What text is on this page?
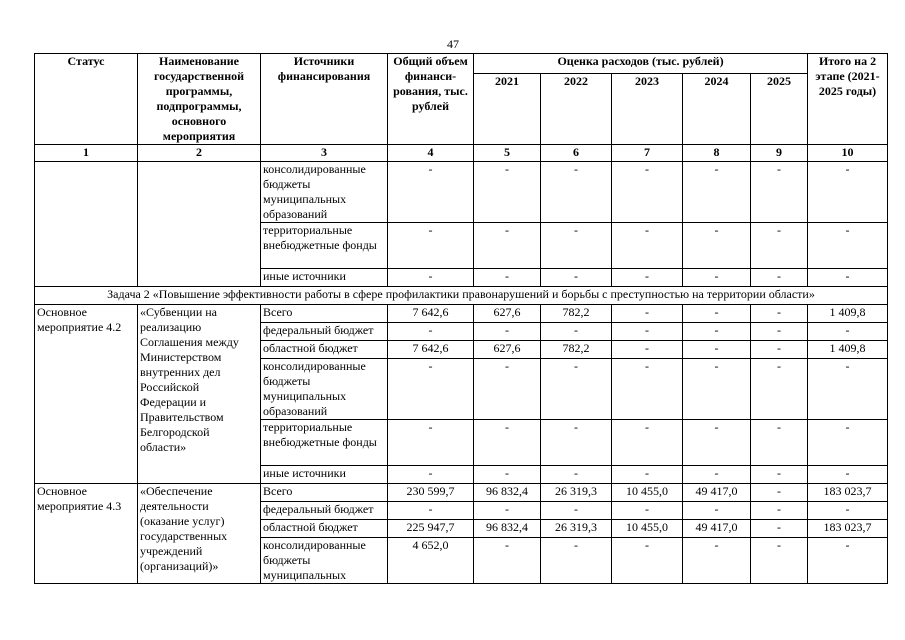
47
Статус	Наименование государственной программы, подпрограммы, основного мероприятия	Источники финансирования	Общий объем финанси-рования, тыс. рублей	Оценка расходов (тыс. рублей)					Итого на 2 этапе (2021-2025 годы)
				2021	2022	2023	2024	2025	
1	2	3	4	5	6	7	8	9	10
		консолидированные бюджеты муниципальных образований	-	-	-	-	-	-	-
		территориальные внебюджетные фонды	-	-	-	-	-	-	-
		иные источники	-	-	-	-	-	-	-
Задача 2 «Повышение эффективности работы в сфере профилактики правонарушений и борьбы с преступностью на территории области»									
Основное мероприятие 4.2	«Субвенции на реализацию Соглашения между Министерством внутренних дел Российской Федерации и Правительством Белгородской области»	Всего	7 642,6	627,6	782,2	-	-	-	1 409,8
		федеральный бюджет	-	-	-	-	-	-	-
		областной бюджет	7 642,6	627,6	782,2	-	-	-	1 409,8
		консолидированные бюджеты муниципальных образований	-	-	-	-	-	-	-
		территориальные внебюджетные фонды	-	-	-	-	-	-	-
		иные источники	-	-	-	-	-	-	-
Основное мероприятие 4.3	«Обеспечение деятельности (оказание услуг) государственных учреждений (организаций)»	Всего	230 599,7	96 832,4	26 319,3	10 455,0	49 417,0	-	183 023,7
		федеральный бюджет	-	-	-	-	-	-	-
		областной бюджет	225 947,7	96 832,4	26 319,3	10 455,0	49 417,0	-	183 023,7
		консолидированные бюджеты муниципальных	4 652,0	-	-	-	-	-	-
